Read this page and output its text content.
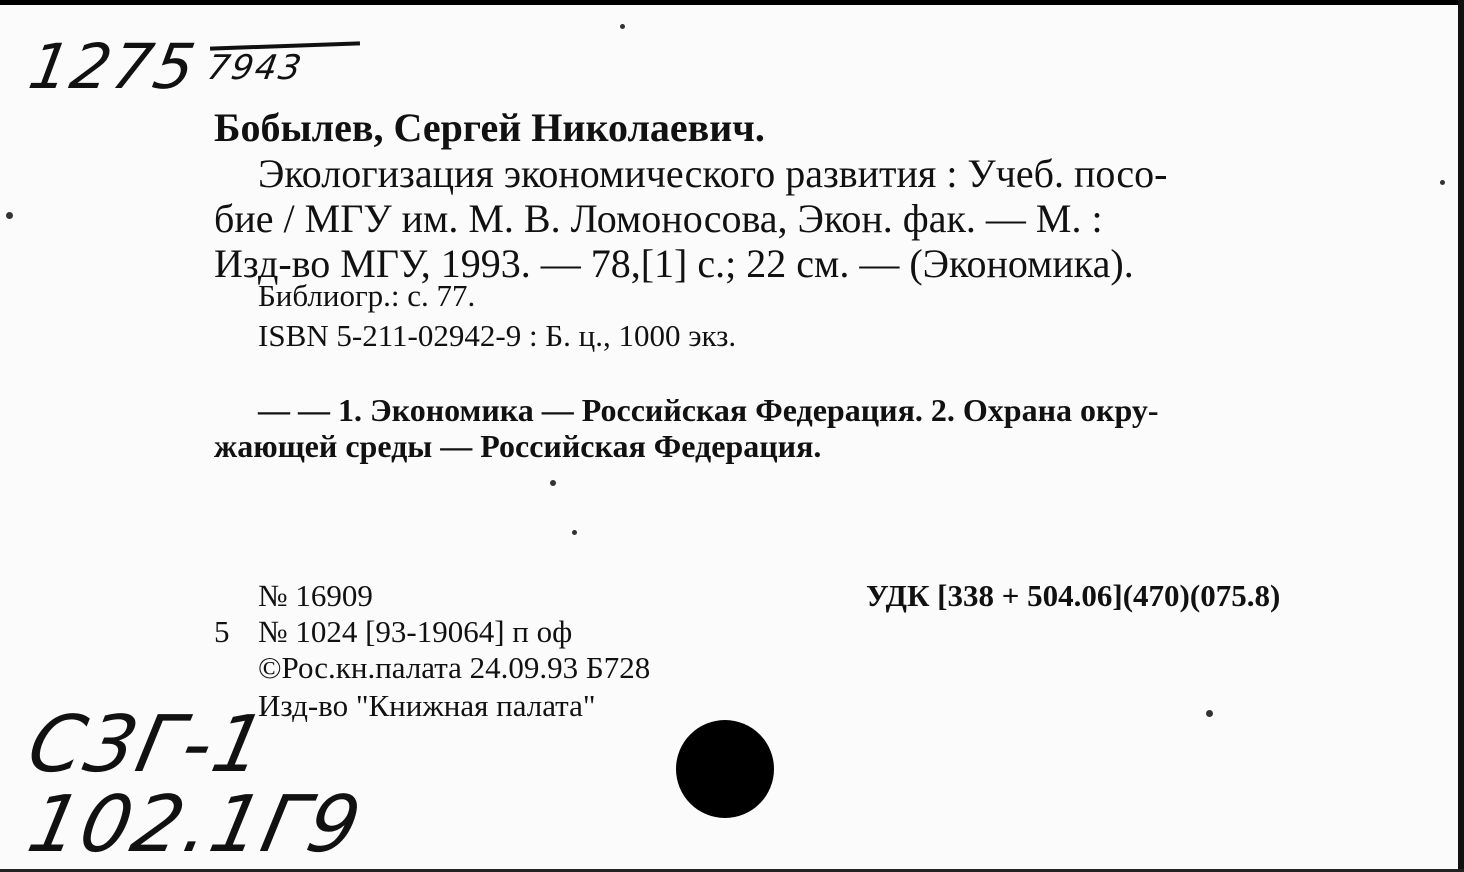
1275 7943
Бобылев, Сергей Николаевич.
Экологизация экономического развития : Учеб. посо-
бие / МГУ им. М. В. Ломоносова, Экон. фак. — М. :
Изд-во МГУ, 1993. — 78,[1] с.; 22 см. — (Экономика).
Библиогр.: с. 77.
ISBN 5-211-02942-9 : Б. ц., 1000 экз.
— — 1. Экономика — Российская Федерация. 2. Охрана окру-
жающей среды — Российская Федерация.
№ 16909	УДК [338 + 504.06](470)(075.8)
5 № 1024 [93-19064] п оф
©Рос.кн.палата 24.09.93 Б728
Изд-во "Книжная палата"
С3Г-1
102.1Г9
